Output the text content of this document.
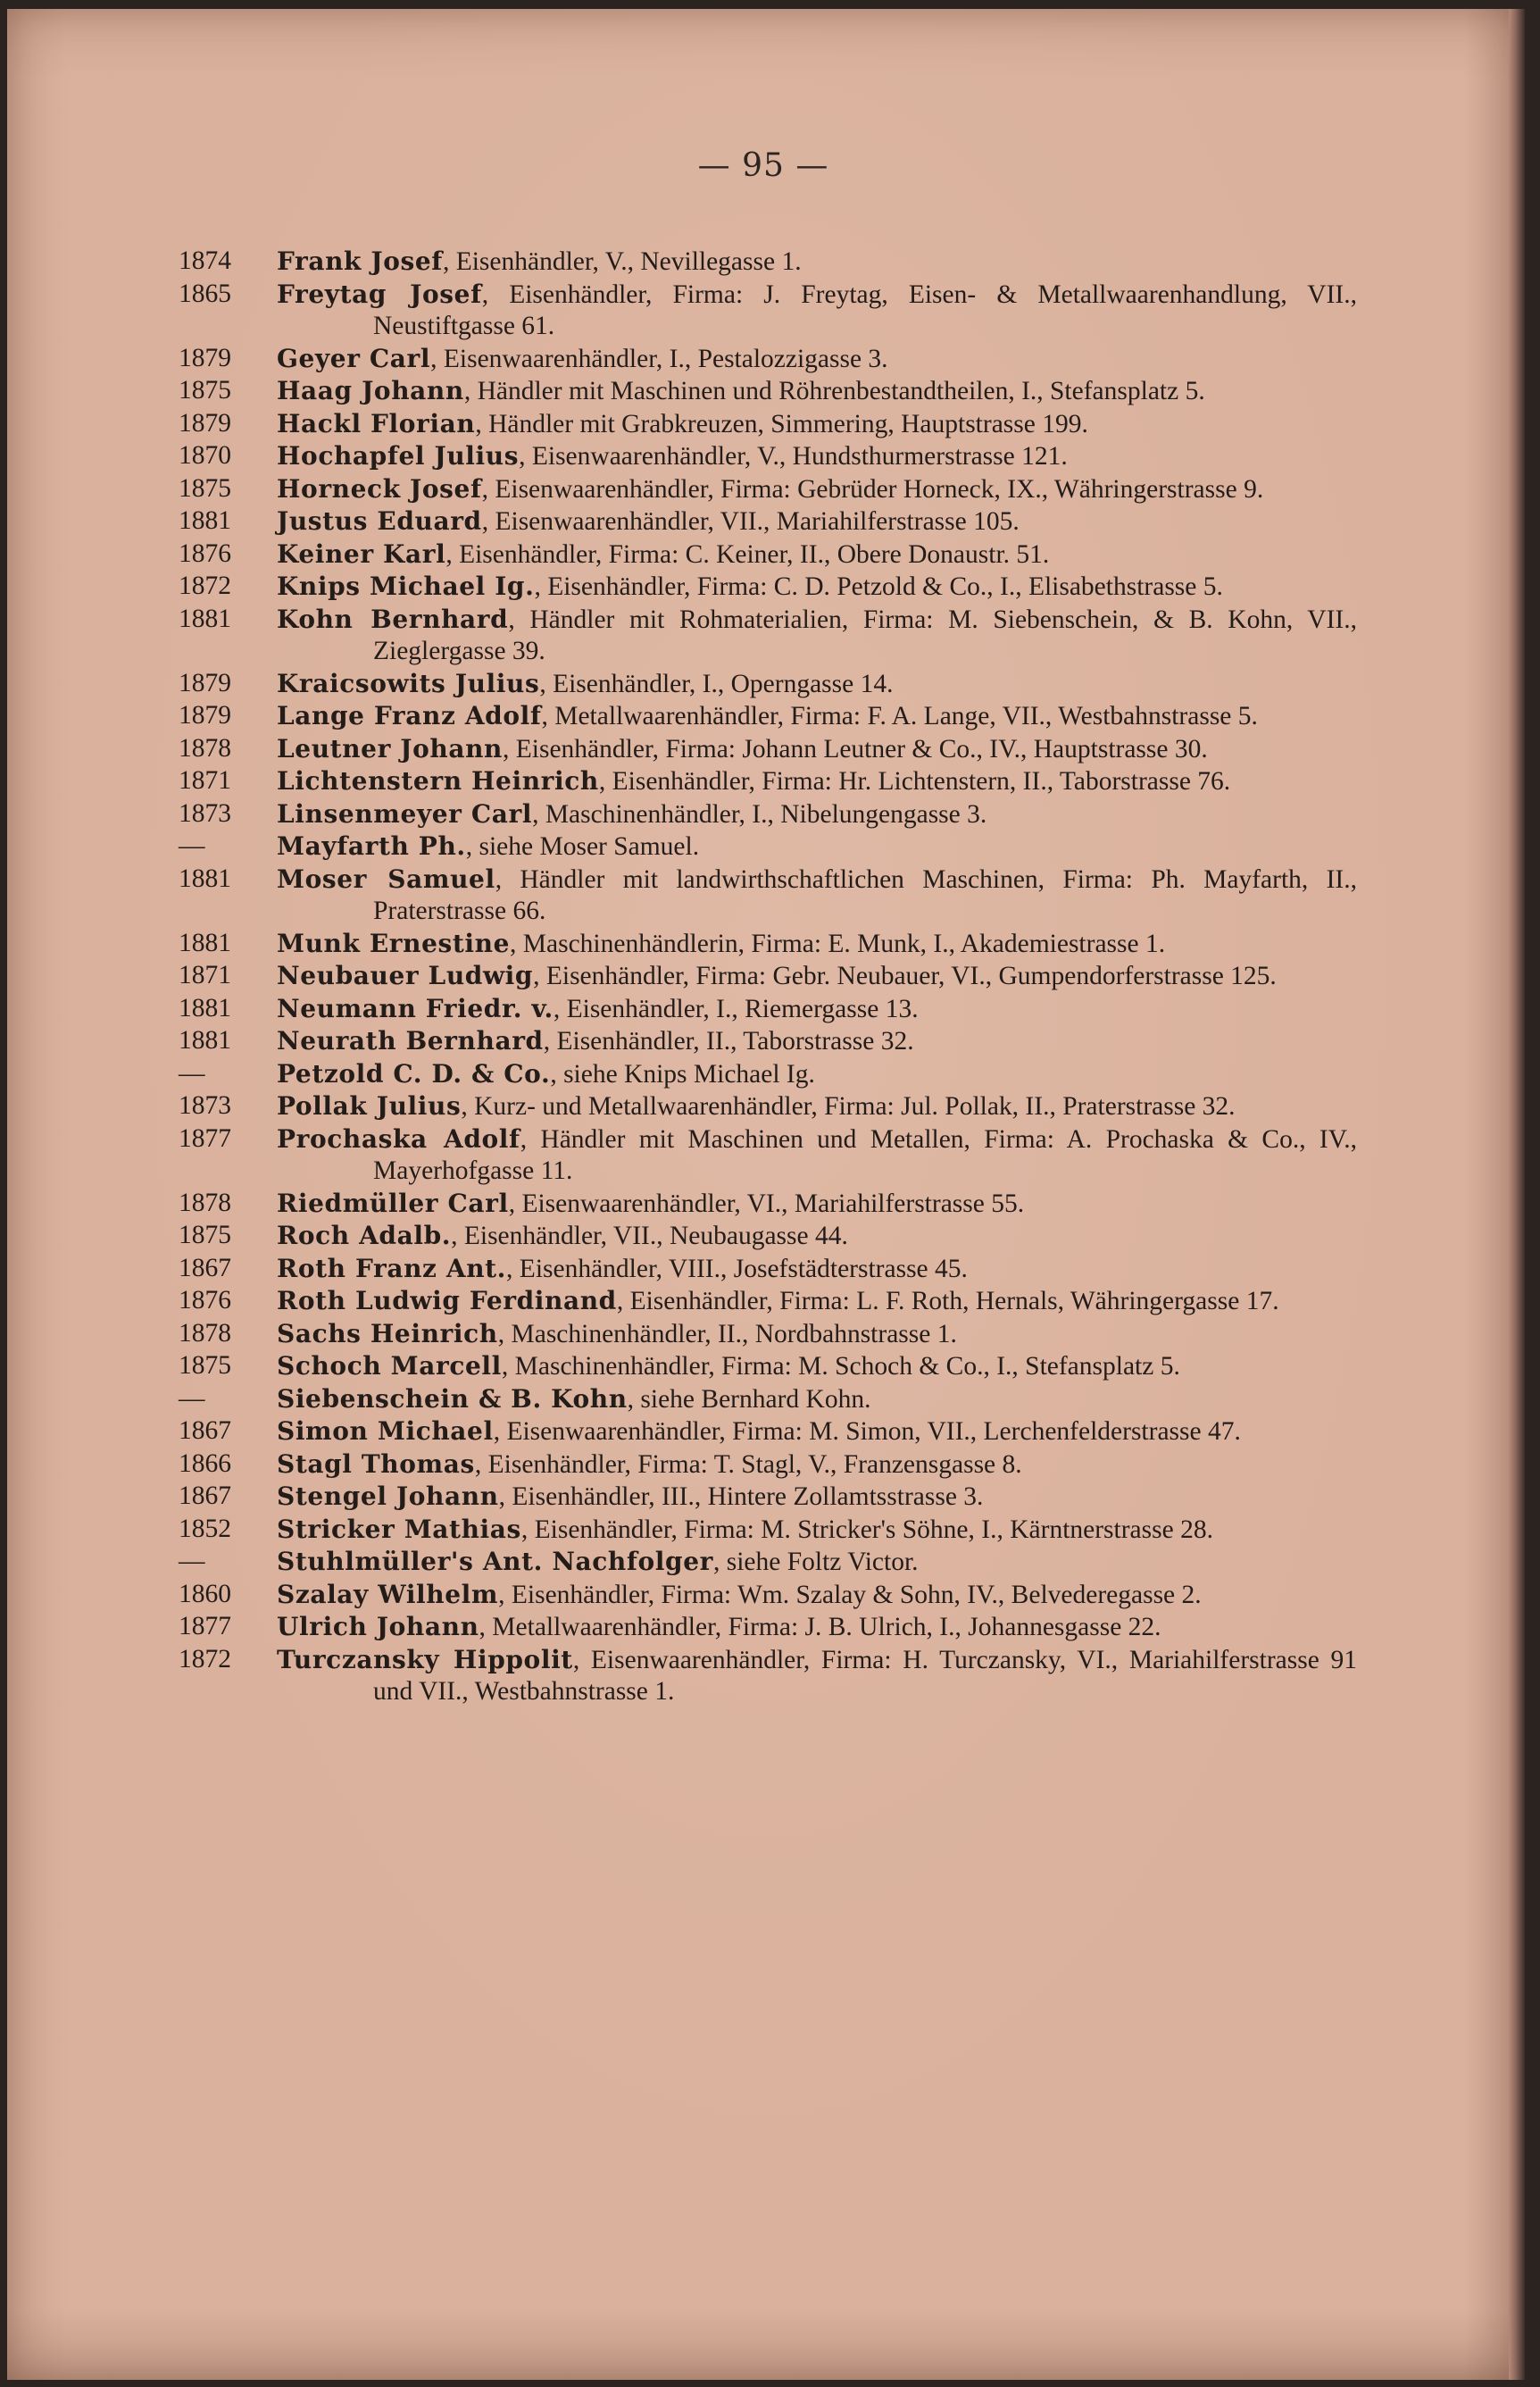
— 95 —
1874	Frank Josef, Eisenhändler, V., Nevillegasse 1.
1865	Freytag Josef, Eisenhändler, Firma: J. Freytag, Eisen- & Metallwaarenhandlung, VII., Neustiftgasse 61.
1879	Geyer Carl, Eisenwaarenhändler, I., Pestalozzigasse 3.
1875	Haag Johann, Händler mit Maschinen und Röhrenbestandtheilen, I., Stefansplatz 5.
1879	Hackl Florian, Händler mit Grabkreuzen, Simmering, Hauptstrasse 199.
1870	Hochapfel Julius, Eisenwaarenhändler, V., Hundsthurmerstrasse 121.
1875	Horneck Josef, Eisenwaarenhändler, Firma: Gebrüder Horneck, IX., Währingerstrasse 9.
1881	Justus Eduard, Eisenwaarenhändler, VII., Mariahilferstrasse 105.
1876	Keiner Karl, Eisenhändler, Firma: C. Keiner, II., Obere Donaustr. 51.
1872	Knips Michael Ig., Eisenhändler, Firma: C. D. Petzold & Co., I., Elisabethstrasse 5.
1881	Kohn Bernhard, Händler mit Rohmaterialien, Firma: M. Siebenschein, & B. Kohn, VII., Zieglergasse 39.
1879	Kraicsowits Julius, Eisenhändler, I., Operngasse 14.
1879	Lange Franz Adolf, Metallwaarenhändler, Firma: F. A. Lange, VII., Westbahnstrasse 5.
1878	Leutner Johann, Eisenhändler, Firma: Johann Leutner & Co., IV., Hauptstrasse 30.
1871	Lichtenstern Heinrich, Eisenhändler, Firma: Hr. Lichtenstern, II., Taborstrasse 76.
1873	Linsenmeyer Carl, Maschinenhändler, I., Nibelungengasse 3.
—	Mayfarth Ph., siehe Moser Samuel.
1881	Moser Samuel, Händler mit landwirthschaftlichen Maschinen, Firma: Ph. Mayfarth, II., Praterstrasse 66.
1881	Munk Ernestine, Maschinenhändlerin, Firma: E. Munk, I., Akademiestrasse 1.
1871	Neubauer Ludwig, Eisenhändler, Firma: Gebr. Neubauer, VI., Gumpendorferstrasse 125.
1881	Neumann Friedr. v., Eisenhändler, I., Riemergasse 13.
1881	Neurath Bernhard, Eisenhändler, II., Taborstrasse 32.
—	Petzold C. D. & Co., siehe Knips Michael Ig.
1873	Pollak Julius, Kurz- und Metallwaarenhändler, Firma: Jul. Pollak, II., Praterstrasse 32.
1877	Prochaska Adolf, Händler mit Maschinen und Metallen, Firma: A. Prochaska & Co., IV., Mayerhofgasse 11.
1878	Riedmüller Carl, Eisenwaarenhändler, VI., Mariahilferstrasse 55.
1875	Roch Adalb., Eisenhändler, VII., Neubaugasse 44.
1867	Roth Franz Ant., Eisenhändler, VIII., Josefstädterstrasse 45.
1876	Roth Ludwig Ferdinand, Eisenhändler, Firma: L. F. Roth, Hernals, Währingergasse 17.
1878	Sachs Heinrich, Maschinenhändler, II., Nordbahnstrasse 1.
1875	Schoch Marcell, Maschinenhändler, Firma: M. Schoch & Co., I., Stefansplatz 5.
—	Siebenschein & B. Kohn, siehe Bernhard Kohn.
1867	Simon Michael, Eisenwaarenhändler, Firma: M. Simon, VII., Lerchenfelderstrasse 47.
1866	Stagl Thomas, Eisenhändler, Firma: T. Stagl, V., Franzensgasse 8.
1867	Stengel Johann, Eisenhändler, III., Hintere Zollamtsstrasse 3.
1852	Stricker Mathias, Eisenhändler, Firma: M. Stricker's Söhne, I., Kärntnerstrasse 28.
—	Stuhlmüller's Ant. Nachfolger, siehe Foltz Victor.
1860	Szalay Wilhelm, Eisenhändler, Firma: Wm. Szalay & Sohn, IV., Belvederegasse 2.
1877	Ulrich Johann, Metallwaarenhändler, Firma: J. B. Ulrich, I., Johannesgasse 22.
1872	Turczansky Hippolit, Eisenwaarenhändler, Firma: H. Turczansky, VI., Mariahilferstrasse 91 und VII., Westbahnstrasse 1.
